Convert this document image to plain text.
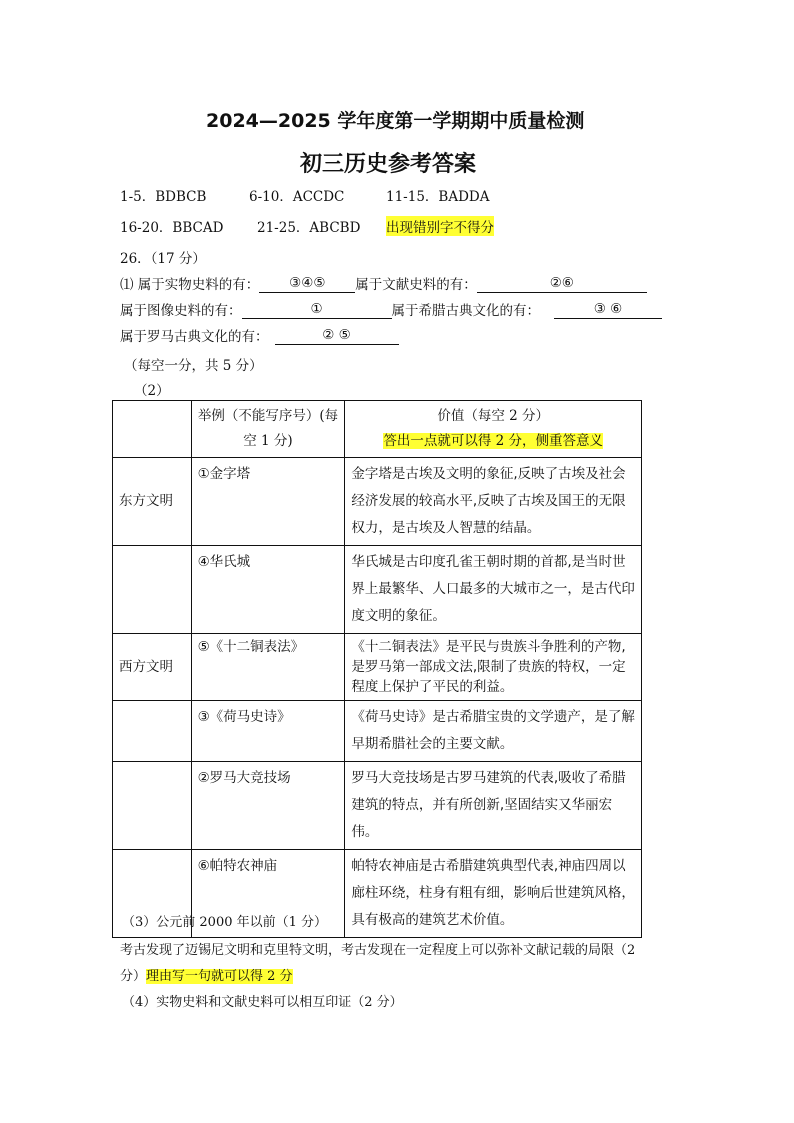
2024—2025 学年度第一学期期中质量检测
初三历史参考答案
1-5．BDBCB	6-10．ACCDC	11-15．BADDA
16-20．BBCAD 21-25．ABCBD 出现错别字不得分
26．（17 分）
⑴ 属于实物史料的有： ③④⑤ 属于文献史料的有：	②⑥
属于图像史料的有：	①	属于希腊古典文化的有：	③ ⑥
属于罗马古典文化的有：	② ⑤
（每空一分，共 5 分）
（2）
	举例（不能写序号）(每空 1 分)	价值（每空 2 分）
答出一点就可以得 2 分，侧重答意义

东方文明	①金字塔	金字塔是古埃及文明的象征,反映了古埃及社会经济发展的较高水平,反映了古埃及国王的无限权力，是古埃及人智慧的结晶。
	④华氏城	华氏城是古印度孔雀王朝时期的首都,是当时世界上最繁华、人口最多的大城市之一，是古代印度文明的象征。
西方文明	⑤《十二铜表法》	《十二铜表法》是平民与贵族斗争胜利的产物,是罗马第一部成文法,限制了贵族的特权，一定程度上保护了平民的利益。
	③《荷马史诗》	《荷马史诗》是古希腊宝贵的文学遗产，是了解早期希腊社会的主要文献。
	②罗马大竞技场	罗马大竞技场是古罗马建筑的代表,吸收了希腊建筑的特点，并有所创新,坚固结实又华丽宏伟。
	⑥帕特农神庙	帕特农神庙是古希腊建筑典型代表,神庙四周以廊柱环绕，柱身有粗有细，影响后世建筑风格，具有极高的建筑艺术价值。
（3）公元前 2000 年以前（1 分）
考古发现了迈锡尼文明和克里特文明，考古发现在一定程度上可以弥补文献记载的局限（2
分）理由写一句就可以得 2 分
（4）实物史料和文献史料可以相互印证（2 分）
